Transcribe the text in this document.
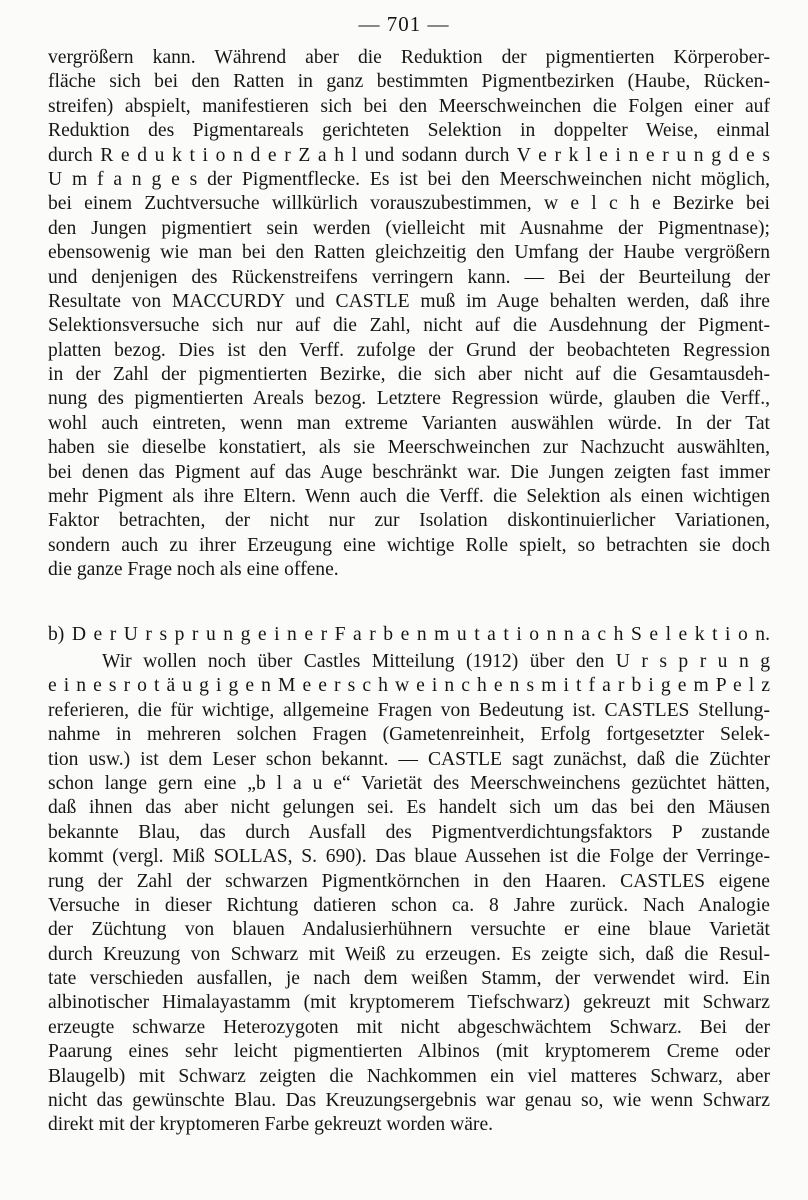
— 701 —
vergrößern kann. Während aber die Reduktion der pigmentierten Körperober-
fläche sich bei den Ratten in ganz bestimmten Pigmentbezirken (Haube, Rücken-
streifen) abspielt, manifestieren sich bei den Meerschweinchen die Folgen einer auf
Reduktion des Pigmentareals gerichteten Selektion in doppelter Weise, einmal
durch R e d u k t i o n d e r Z a h l und sodann durch V e r k l e i n e r u n g d e s
U m f a n g e s der Pigmentflecke. Es ist bei den Meerschweinchen nicht möglich,
bei einem Zuchtversuche willkürlich vorauszubestimmen, w e l c h e Bezirke bei
den Jungen pigmentiert sein werden (vielleicht mit Ausnahme der Pigmentnase);
ebensowenig wie man bei den Ratten gleichzeitig den Umfang der Haube vergrößern
und denjenigen des Rückenstreifens verringern kann. — Bei der Beurteilung der
Resultate von MACCURDY und CASTLE muß im Auge behalten werden, daß ihre
Selektionsversuche sich nur auf die Zahl, nicht auf die Ausdehnung der Pigment-
platten bezog. Dies ist den Verff. zufolge der Grund der beobachteten Regression
in der Zahl der pigmentierten Bezirke, die sich aber nicht auf die Gesamtausdeh-
nung des pigmentierten Areals bezog. Letztere Regression würde, glauben die Verff.,
wohl auch eintreten, wenn man extreme Varianten auswählen würde. In der Tat
haben sie dieselbe konstatiert, als sie Meerschweinchen zur Nachzucht auswählten,
bei denen das Pigment auf das Auge beschränkt war. Die Jungen zeigten fast immer
mehr Pigment als ihre Eltern. Wenn auch die Verff. die Selektion als einen wichtigen
Faktor betrachten, der nicht nur zur Isolation diskontinuierlicher Variationen,
sondern auch zu ihrer Erzeugung eine wichtige Rolle spielt, so betrachten sie doch
die ganze Frage noch als eine offene.
b) D e r U r s p r u n g e i n e r F a r b e n m u t a t i o n n a c h S e l e k t i o n.
Wir wollen noch über Castles Mitteilung (1912) über den U r s p r u n g
e i n e s r o t ä u g i g e n M e e r s c h w e i n c h e n s m i t f a r b i g e m P e l z
referieren, die für wichtige, allgemeine Fragen von Bedeutung ist. CASTLES Stellung-
nahme in mehreren solchen Fragen (Gametenreinheit, Erfolg fortgesetzter Selek-
tion usw.) ist dem Leser schon bekannt. — CASTLE sagt zunächst, daß die Züchter
schon lange gern eine „b l a u e“ Varietät des Meerschweinchens gezüchtet hätten,
daß ihnen das aber nicht gelungen sei. Es handelt sich um das bei den Mäusen
bekannte Blau, das durch Ausfall des Pigmentverdichtungsfaktors P zustande
kommt (vergl. Miß SOLLAS, S. 690). Das blaue Aussehen ist die Folge der Verringe-
rung der Zahl der schwarzen Pigmentkörnchen in den Haaren. CASTLES eigene
Versuche in dieser Richtung datieren schon ca. 8 Jahre zurück. Nach Analogie
der Züchtung von blauen Andalusierhühnern versuchte er eine blaue Varietät
durch Kreuzung von Schwarz mit Weiß zu erzeugen. Es zeigte sich, daß die Resul-
tate verschieden ausfallen, je nach dem weißen Stamm, der verwendet wird. Ein
albinotischer Himalayastamm (mit kryptomerem Tiefschwarz) gekreuzt mit Schwarz
erzeugte schwarze Heterozygoten mit nicht abgeschwächtem Schwarz. Bei der
Paarung eines sehr leicht pigmentierten Albinos (mit kryptomerem Creme oder
Blaugelb) mit Schwarz zeigten die Nachkommen ein viel matteres Schwarz, aber
nicht das gewünschte Blau. Das Kreuzungsergebnis war genau so, wie wenn Schwarz
direkt mit der kryptomeren Farbe gekreuzt worden wäre.
